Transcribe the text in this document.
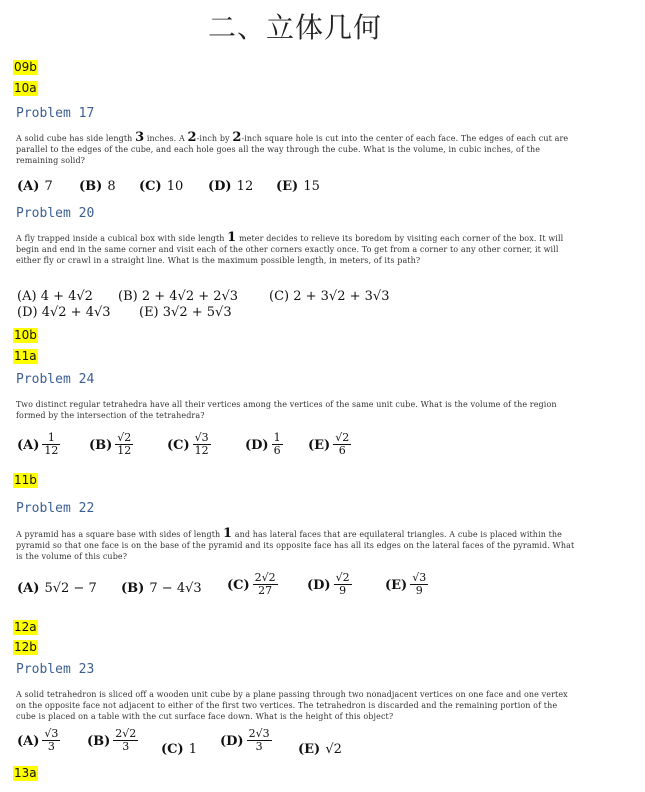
二、立体几何
09b
10a
Problem 17
A solid cube has side length 3 inches. A 2-inch by 2-inch square hole is cut into the center of each face. The edges of each cut are parallel to the edges of the cube, and each hole goes all the way through the cube. What is the volume, in cubic inches, of the remaining solid?
(A) 7 (B) 8 (C) 10 (D) 12 (E) 15
Problem 20
A fly trapped inside a cubical box with side length 1 meter decides to relieve its boredom by visiting each corner of the box. It will begin and end in the same corner and visit each of the other corners exactly once. To get from a corner to any other corner, it will either fly or crawl in a straight line. What is the maximum possible length, in meters, of its path?
(A) 4 + 4√2 (B) 2 + 4√2 + 2√3 (C) 2 + 3√2 + 3√3
(D) 4√2 + 4√3 (E) 3√2 + 5√3
10b
11a
Problem 24
Two distinct regular tetrahedra have all their vertices among the vertices of the same unit cube. What is the volume of the region formed by the intersection of the tetrahedra?
$(A) \frac{1}{12} (B) \frac{√2}{12}$	$(C) \frac{√3}{12}$	$(D) \frac{1}{6} (E) \frac{√2}{6}$
11b
Problem 22
A pyramid has a square base with sides of length 1 and has lateral faces that are equilateral triangles. A cube is placed within the pyramid so that one face is on the base of the pyramid and its opposite face has all its edges on the lateral faces of the pyramid. What is the volume of this cube?
(A) 5√2 − 7 (B) 7 − 4√3 $(C) \frac{2√2}{27} (D) \frac{√2}{9}$	$(E) \frac{√3}{9}$
12a
12b
Problem 23
A solid tetrahedron is sliced off a wooden unit cube by a plane passing through two nonadjacent vertices on one face and one vertex on the opposite face not adjacent to either of the first two vertices. The tetrahedron is discarded and the remaining portion of the cube is placed on a table with the cut surface face down. What is the height of this object?
$(A) \frac{√3}{3} (B) \frac{2√2}{3} (C)$ 1
$(D) \frac{2√3}{3} (E)$ √2
13a
